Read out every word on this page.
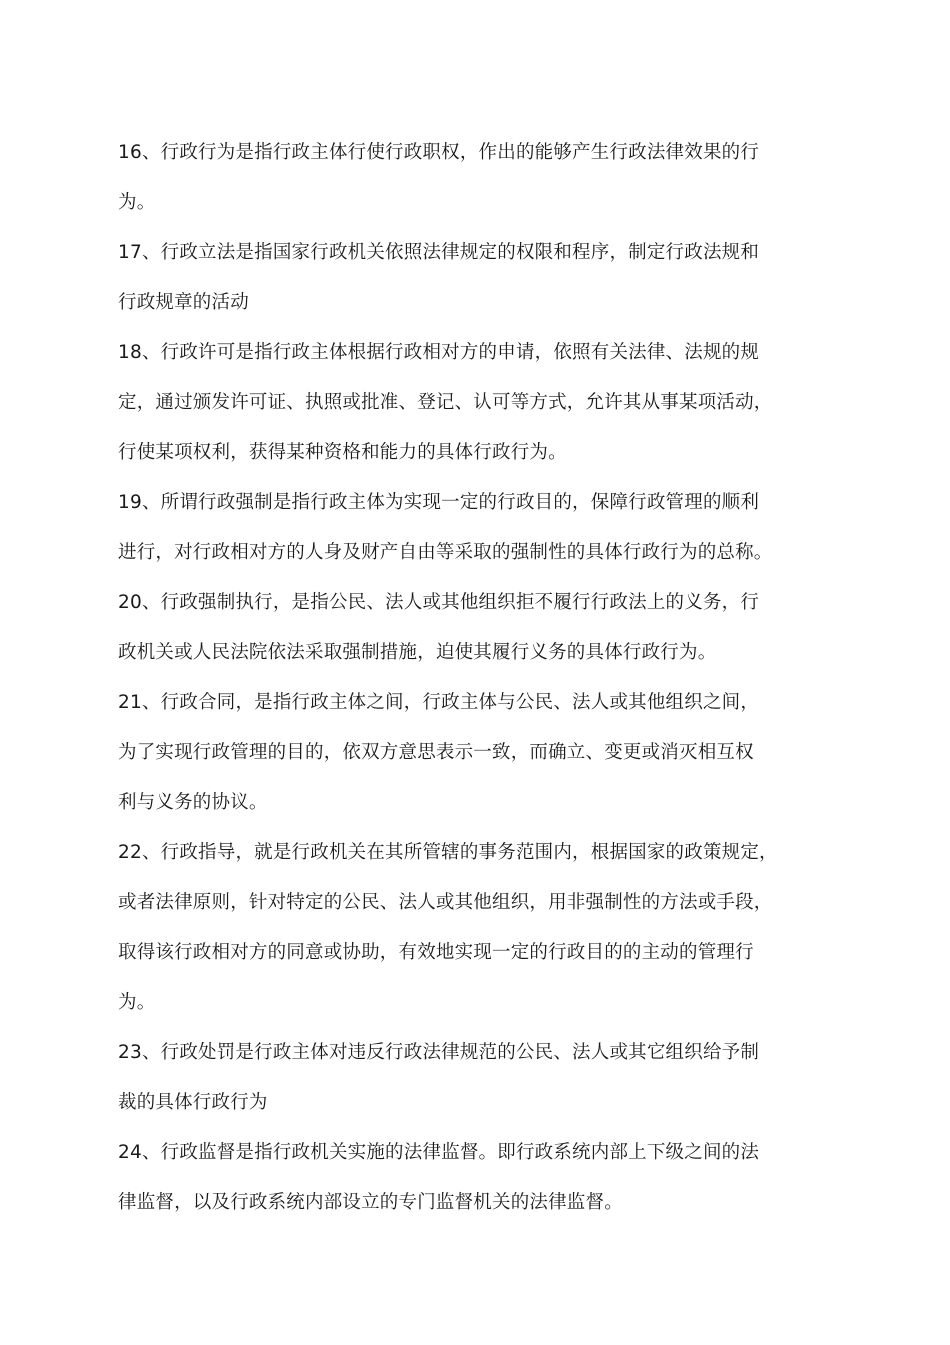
16、行政行为是指行政主体行使行政职权，作出的能够产生行政法律效果的行
为。
17、行政立法是指国家行政机关依照法律规定的权限和程序，制定行政法规和
行政规章的活动
18、行政许可是指行政主体根据行政相对方的申请，依照有关法律、法规的规
定，通过颁发许可证、执照或批准、登记、认可等方式，允许其从事某项活动，
行使某项权利，获得某种资格和能力的具体行政行为。
19、所谓行政强制是指行政主体为实现一定的行政目的，保障行政管理的顺利
进行，对行政相对方的人身及财产自由等采取的强制性的具体行政行为的总称。
20、行政强制执行，是指公民、法人或其他组织拒不履行行政法上的义务，行
政机关或人民法院依法采取强制措施，迫使其履行义务的具体行政行为。
21、行政合同，是指行政主体之间，行政主体与公民、法人或其他组织之间，
为了实现行政管理的目的，依双方意思表示一致，而确立、变更或消灭相互权
利与义务的协议。
22、行政指导，就是行政机关在其所管辖的事务范围内，根据国家的政策规定，
或者法律原则，针对特定的公民、法人或其他组织，用非强制性的方法或手段，
取得该行政相对方的同意或协助，有效地实现一定的行政目的的主动的管理行
为。
23、行政处罚是行政主体对违反行政法律规范的公民、法人或其它组织给予制
裁的具体行政行为
24、行政监督是指行政机关实施的法律监督。即行政系统内部上下级之间的法
律监督，以及行政系统内部设立的专门监督机关的法律监督。
